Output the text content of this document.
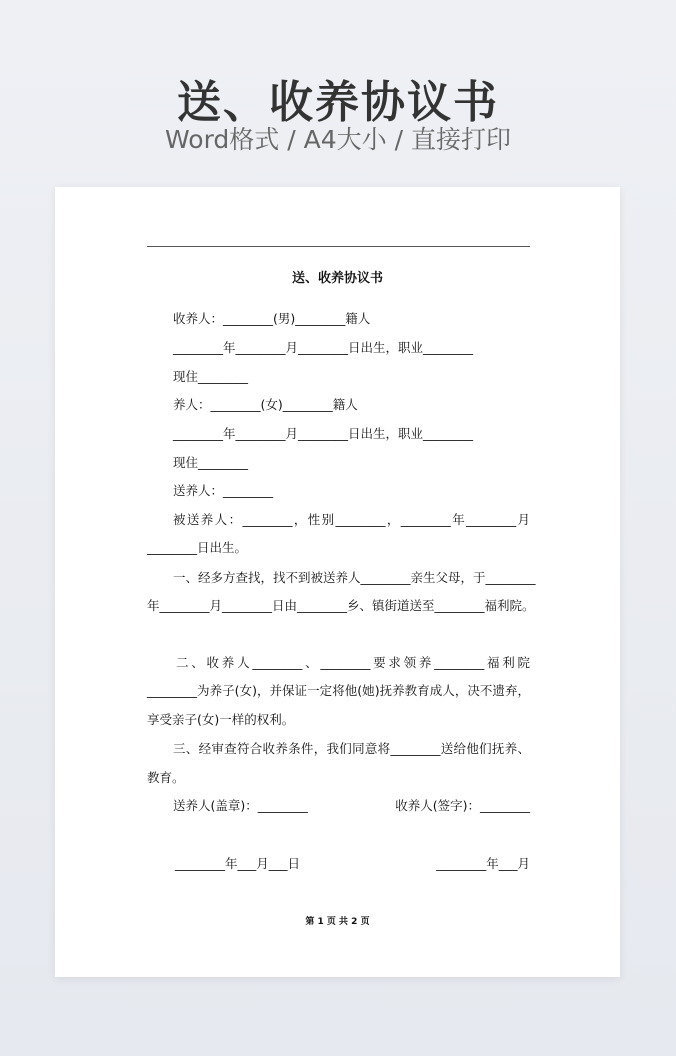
送、收养协议书
Word格式 / A4大小 / 直接打印
送、收养协议书
收养人：________(男)________籍人
________年________月________日出生，职业________
现住________
养人：________(女)________籍人
________年________月________日出生，职业________
现住________
送养人：________
被送养人：________，性别________，________年________月
________日出生。
一、经多方查找，找不到被送养人________亲生父母，于________
年________月________日由________乡、镇街道送至________福利院。
二、收养人________、________要求领养________福利院
________为养子(女)，并保证一定将他(她)抚养教育成人，决不遗弃，
享受亲子(女)一样的权利。
三、经审查符合收养条件，我们同意将________送给他们抚养、
教育。
送养人(盖章)：________	收养人(签字)：________
________年___月___日	________年___月
第 1 页 共 2 页
